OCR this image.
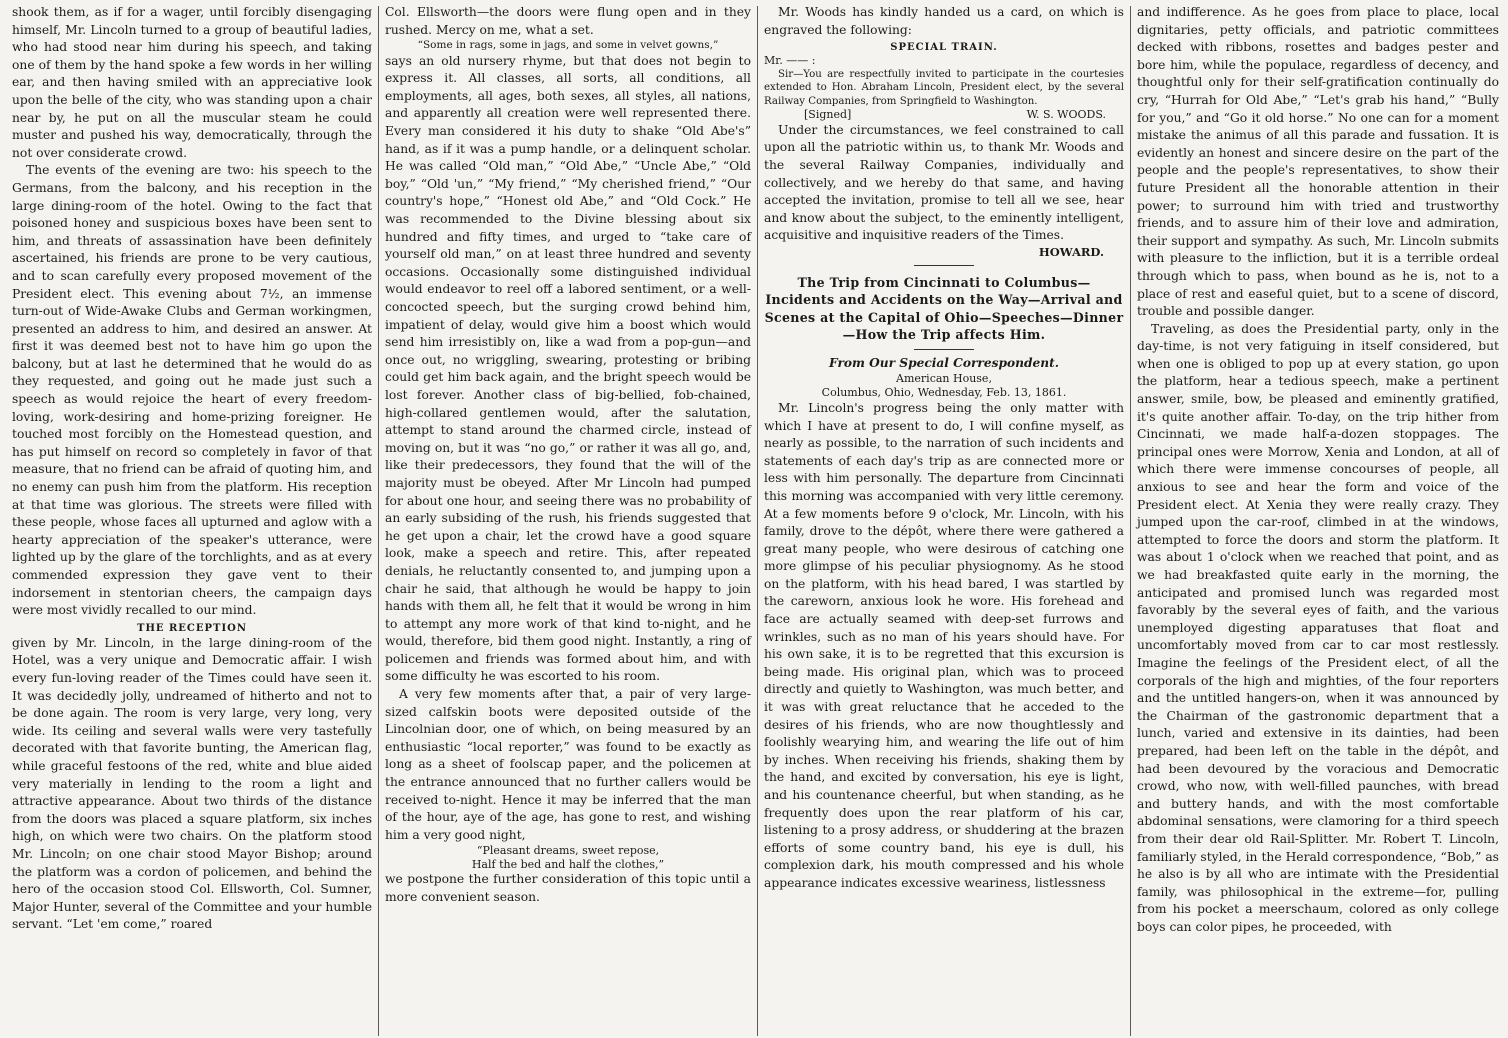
shook them, as if for a wager, until forcibly disengaging himself, Mr. Lincoln turned to a group of beautiful ladies, who had stood near him during his speech, and taking one of them by the hand spoke a few words in her willing ear, and then having smiled with an appreciative look upon the belle of the city, who was standing upon a chair near by, he put on all the muscular steam he could muster and pushed his way, democratically, through the not over considerate crowd.

The events of the evening are two: his speech to the Germans, from the balcony, and his reception in the large dining-room of the hotel. Owing to the fact that poisoned honey and suspicious boxes have been sent to him, and threats of assassination have been definitely ascertained, his friends are prone to be very cautious, and to scan carefully every proposed movement of the President elect. This evening about 7½, an immense turn-out of Wide-Awake Clubs and German workingmen, presented an address to him, and desired an answer. At first it was deemed best not to have him go upon the balcony, but at last he determined that he would do as they requested, and going out he made just such a speech as would rejoice the heart of every freedom-loving, work-desiring and home-prizing foreigner. He touched most forcibly on the Homestead question, and has put himself on record so completely in favor of that measure, that no friend can be afraid of quoting him, and no enemy can push him from the platform. His reception at that time was glorious. The streets were filled with these people, whose faces all upturned and aglow with a hearty appreciation of the speaker's utterance, were lighted up by the glare of the torchlights, and as at every commended expression they gave vent to their indorsement in stentorian cheers, the campaign days were most vividly recalled to our mind.

THE RECEPTION

given by Mr. Lincoln, in the large dining-room of the Hotel, was a very unique and Democratic affair. I wish every fun-loving reader of the Times could have seen it. It was decidedly jolly, undreamed of hitherto and not to be done again. The room is very large, very long, very wide. Its ceiling and several walls were very tastefully decorated with that favorite bunting, the American flag, while graceful festoons of the red, white and blue aided very materially in lending to the room a light and attractive appearance. About two thirds of the distance from the doors was placed a square platform, six inches high, on which were two chairs. On the platform stood Mr. Lincoln; on one chair stood Mayor Bishop; around the platform was a cordon of policemen, and behind the hero of the occasion stood Col. Ellsworth, Col. Sumner, Major Hunter, several of the Committee and your humble servant. “Let 'em come,” roared

Col. Ellsworth—the doors were flung open and in they rushed. Mercy on me, what a set.

“Some in rags, some in jags, and some in velvet gowns,”

says an old nursery rhyme, but that does not begin to express it. All classes, all sorts, all conditions, all employments, all ages, both sexes, all styles, all nations, and apparently all creation were well represented there. Every man considered it his duty to shake “Old Abe's” hand, as if it was a pump handle, or a delinquent scholar. He was called “Old man,” “Old Abe,” “Uncle Abe,” “Old boy,” “Old 'un,” “My friend,” “My cherished friend,” “Our country's hope,” “Honest old Abe,” and “Old Cock.” He was recommended to the Divine blessing about six hundred and fifty times, and urged to “take care of yourself old man,” on at least three hundred and seventy occasions. Occasionally some distinguished individual would endeavor to reel off a labored sentiment, or a well-concocted speech, but the surging crowd behind him, impatient of delay, would give him a boost which would send him irresistibly on, like a wad from a pop-gun—and once out, no wriggling, swearing, protesting or bribing could get him back again, and the bright speech would be lost forever. Another class of big-bellied, fob-chained, high-collared gentlemen would, after the salutation, attempt to stand around the charmed circle, instead of moving on, but it was “no go,” or rather it was all go, and, like their predecessors, they found that the will of the majority must be obeyed. After Mr Lincoln had pumped for about one hour, and seeing there was no probability of an early subsiding of the rush, his friends suggested that he get upon a chair, let the crowd have a good square look, make a speech and retire. This, after repeated denials, he reluctantly consented to, and jumping upon a chair he said, that although he would be happy to join hands with them all, he felt that it would be wrong in him to attempt any more work of that kind to-night, and he would, therefore, bid them good night. Instantly, a ring of policemen and friends was formed about him, and with some difficulty he was escorted to his room.

A very few moments after that, a pair of very large-sized calfskin boots were deposited outside of the Lincolnian door, one of which, on being measured by an enthusiastic “local reporter,” was found to be exactly as long as a sheet of foolscap paper, and the policemen at the entrance announced that no further callers would be received to-night. Hence it may be inferred that the man of the hour, aye of the age, has gone to rest, and wishing him a very good night,

“Pleasant dreams, sweet repose,
Half the bed and half the clothes,”

we postpone the further consideration of this topic until a more convenient season.

Mr. Woods has kindly handed us a card, on which is engraved the following:

SPECIAL TRAIN.
Mr. —— :

Sir—You are respectfully invited to participate in the courtesies extended to Hon. Abraham Lincoln, President elect, by the several Railway Companies, from Springfield to Washington.

[Signed]	W. S. WOODS.

Under the circumstances, we feel constrained to call upon all the patriotic within us, to thank Mr. Woods and the several Railway Companies, individually and collectively, and we hereby do that same, and having accepted the invitation, promise to tell all we see, hear and know about the subject, to the eminently intelligent, acquisitive and inquisitive readers of the Times.

HOWARD.
The Trip from Cincinnati to Columbus—Incidents and Accidents on the Way—Arrival and Scenes at the Capital of Ohio—Speeches—Dinner—How the Trip affects Him.
From Our Special Correspondent.
American House,
Columbus, Ohio, Wednesday, Feb. 13, 1861.

Mr. Lincoln's progress being the only matter with which I have at present to do, I will confine myself, as nearly as possible, to the narration of such incidents and statements of each day's trip as are connected more or less with him personally. The departure from Cincinnati this morning was accompanied with very little ceremony. At a few moments before 9 o'clock, Mr. Lincoln, with his family, drove to the dépôt, where there were gathered a great many people, who were desirous of catching one more glimpse of his peculiar physiognomy. As he stood on the platform, with his head bared, I was startled by the careworn, anxious look he wore. His forehead and face are actually seamed with deep-set furrows and wrinkles, such as no man of his years should have. For his own sake, it is to be regretted that this excursion is being made. His original plan, which was to proceed directly and quietly to Washington, was much better, and it was with great reluctance that he acceded to the desires of his friends, who are now thoughtlessly and foolishly wearying him, and wearing the life out of him by inches. When receiving his friends, shaking them by the hand, and excited by conversation, his eye is light, and his countenance cheerful, but when standing, as he frequently does upon the rear platform of his car, listening to a prosy address, or shuddering at the brazen efforts of some country band, his eye is dull, his complexion dark, his mouth compressed and his whole appearance indicates excessive weariness, listlessness

and indifference. As he goes from place to place, local dignitaries, petty officials, and patriotic committees decked with ribbons, rosettes and badges pester and bore him, while the populace, regardless of decency, and thoughtful only for their self-gratification continually do cry, “Hurrah for Old Abe,” “Let's grab his hand,” “Bully for you,” and “Go it old horse.” No one can for a moment mistake the animus of all this parade and fussation. It is evidently an honest and sincere desire on the part of the people and the people's representatives, to show their future President all the honorable attention in their power; to surround him with tried and trustworthy friends, and to assure him of their love and admiration, their support and sympathy. As such, Mr. Lincoln submits with pleasure to the infliction, but it is a terrible ordeal through which to pass, when bound as he is, not to a place of rest and easeful quiet, but to a scene of discord, trouble and possible danger.

Traveling, as does the Presidential party, only in the day-time, is not very fatiguing in itself considered, but when one is obliged to pop up at every station, go upon the platform, hear a tedious speech, make a pertinent answer, smile, bow, be pleased and eminently gratified, it's quite another affair. To-day, on the trip hither from Cincinnati, we made half-a-dozen stoppages. The principal ones were Morrow, Xenia and London, at all of which there were immense concourses of people, all anxious to see and hear the form and voice of the President elect. At Xenia they were really crazy. They jumped upon the car-roof, climbed in at the windows, attempted to force the doors and storm the platform. It was about 1 o'clock when we reached that point, and as we had breakfasted quite early in the morning, the anticipated and promised lunch was regarded most favorably by the several eyes of faith, and the various unemployed digesting apparatuses that float and uncomfortably moved from car to car most restlessly. Imagine the feelings of the President elect, of all the corporals of the high and mighties, of the four reporters and the untitled hangers-on, when it was announced by the Chairman of the gastronomic department that a lunch, varied and extensive in its dainties, had been prepared, had been left on the table in the dépôt, and had been devoured by the voracious and Democratic crowd, who now, with well-filled paunches, with bread and buttery hands, and with the most comfortable abdominal sensations, were clamoring for a third speech from their dear old Rail-Splitter. Mr. Robert T. Lincoln, familiarly styled, in the Herald correspondence, “Bob,” as he also is by all who are intimate with the Presidential family, was philosophical in the extreme—for, pulling from his pocket a meerschaum, colored as only college boys can color pipes, he proceeded, with
